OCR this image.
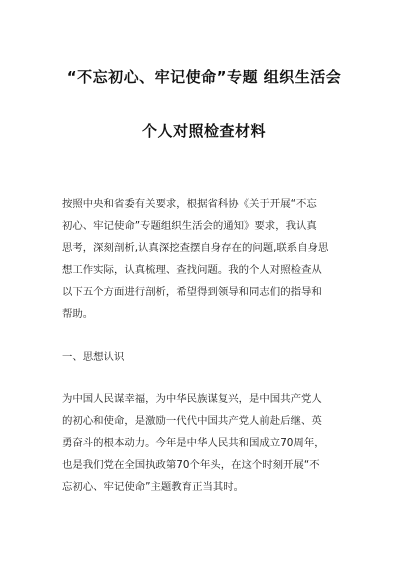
“不忘初心、牢记使命”专题 组织生活会
个人对照检查材料
按照中央和省委有关要求，根据省科协《关于开展“不忘
初心、牢记使命”专题组织生活会的通知》要求，我认真
思考，深刻剖析,认真深挖查摆自身存在的问题,联系自身思
想工作实际，认真梳理、查找问题。我的个人对照检查从
以下五个方面进行剖析，希望得到领导和同志们的指导和
帮助。
一、思想认识
为中国人民谋幸福，为中华民族谋复兴，是中国共产党人
的初心和使命，是激励一代代中国共产党人前赴后继、英
勇奋斗的根本动力。今年是中华人民共和国成立70周年，
也是我们党在全国执政第70个年头，在这个时刻开展“不
忘初心、牢记使命”主题教育正当其时。
